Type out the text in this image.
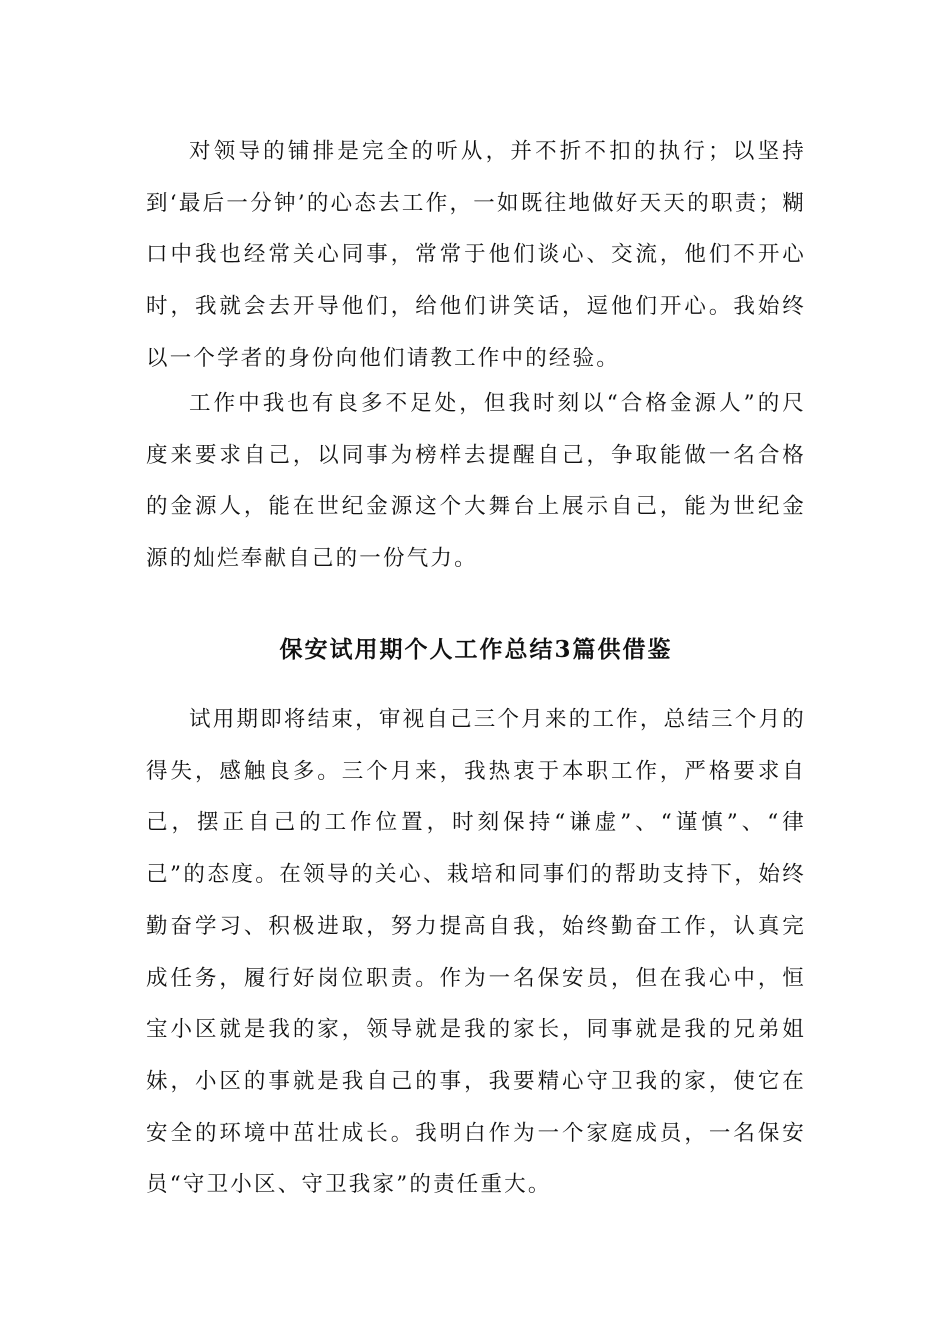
对领导的铺排是完全的听从，并不折不扣的执行；以坚持到‘最后一分钟’的心态去工作，一如既往地做好天天的职责；糊口中我也经常关心同事，常常于他们谈心、交流，他们不开心时，我就会去开导他们，给他们讲笑话，逗他们开心。我始终以一个学者的身份向他们请教工作中的经验。

工作中我也有良多不足处，但我时刻以“合格金源人”的尺度来要求自己，以同事为榜样去提醒自己，争取能做一名合格的金源人，能在世纪金源这个大舞台上展示自己，能为世纪金源的灿烂奉献自己的一份气力。

保安试用期个人工作总结3篇供借鉴

试用期即将结束，审视自己三个月来的工作，总结三个月的得失，感触良多。三个月来，我热衷于本职工作，严格要求自己，摆正自己的工作位置，时刻保持“谦虚”、“谨慎”、“律己”的态度。在领导的关心、栽培和同事们的帮助支持下，始终勤奋学习、积极进取，努力提高自我，始终勤奋工作，认真完成任务，履行好岗位职责。作为一名保安员，但在我心中，恒宝小区就是我的家，领导就是我的家长，同事就是我的兄弟姐妹，小区的事就是我自己的事，我要精心守卫我的家，使它在安全的环境中茁壮成长。我明白作为一个家庭成员，一名保安员“守卫小区、守卫我家”的责任重大。
